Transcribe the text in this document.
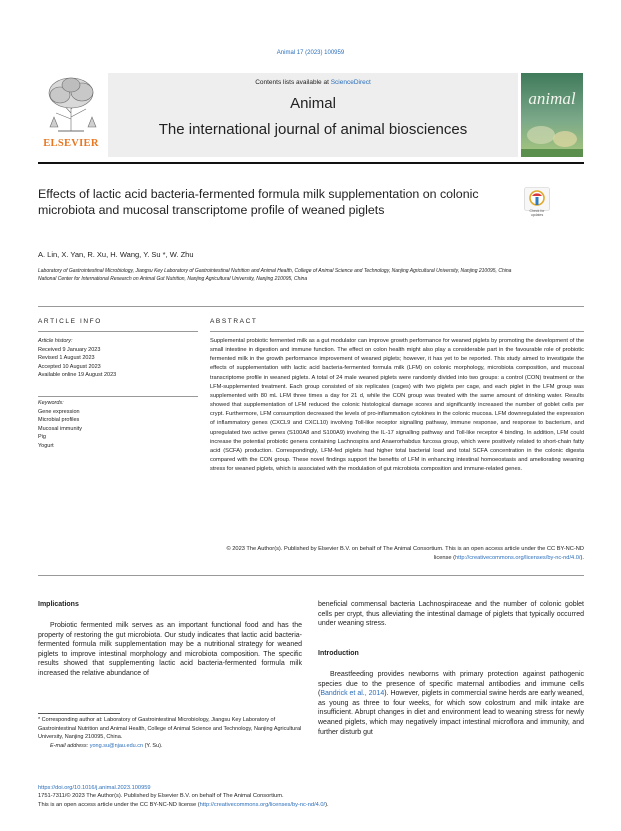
Animal 17 (2023) 100959
ELSEVIER
Contents lists available at ScienceDirect
Animal
The international journal of animal biosciences
animal
Effects of lactic acid bacteria-fermented formula milk supplementation on colonic microbiota and mucosal transcriptome profile of weaned piglets	Check for updates
A. Lin, X. Yan, R. Xu, H. Wang, Y. Su *, W. Zhu
Laboratory of Gastrointestinal Microbiology, Jiangsu Key Laboratory of Gastrointestinal Nutrition and Animal Health, College of Animal Science and Technology, Nanjing Agricultural University, Nanjing 210095, China
National Center for International Research on Animal Gut Nutrition, Nanjing Agricultural University, Nanjing 210095, China
ARTICLE INFO
Article history:
Received 9 January 2023
Revised 1 August 2023
Accepted 10 August 2023
Available online 19 August 2023
Keywords:
Gene expression
Microbial profiles
Mucosal immunity
Pig
Yogurt
ABSTRACT
Supplemental probiotic fermented milk as a gut modulator can improve growth performance for weaned piglets by promoting the development of the small intestine in digestion and immune function. The effect on colon health might also play a considerable part in the favourable role of probiotic fermented milk in the growth performance improvement of weaned piglets; however, it has yet to be reported. This study aimed to investigate the effects of supplementation with lactic acid bacteria-fermented formula milk (LFM) on colonic morphology, microbiota composition, and mucosal transcriptome profile in weaned piglets. A total of 24 male weaned piglets were randomly divided into two groups: a control (CON) treatment or the LFM-supplemented treatment. Each group consisted of six replicates (cages) with two piglets per cage, and each piglet in the LFM group was supplemented with 80 mL LFM three times a day for 21 d, while the CON group was treated with the same amount of drinking water. Results showed that supplementation of LFM reduced the colonic histological damage scores and significantly increased the number of goblet cells per crypt. Furthermore, LFM consumption decreased the levels of pro-inflammation cytokines in the colonic mucosa. LFM downregulated the expression of inflammatory genes (CXCL9 and CXCL10) involving Toll-like receptor signalling pathway, immune response, and response to bacterium, and upregulated two active genes (S100A8 and S100A9) involving the IL-17 signalling pathway and Toll-like receptor 4 binding. In addition, LFM could increase the potential probiotic genera containing Lachnospira and Anaerorhabdus furcosa group, which were positively related to short-chain fatty acid (SCFA) production. Correspondingly, LFM-fed piglets had higher total bacterial load and total SCFA concentration in the colonic digesta compared with the CON group. These novel findings support the benefits of LFM in enhancing intestinal homoeostasis and ameliorating weaning stress for weaned piglets, which is associated with the modulation of gut microbiota composition and immune-related genes.
© 2023 The Author(s). Published by Elsevier B.V. on behalf of The Animal Consortium. This is an open access article under the CC BY-NC-ND license (http://creativecommons.org/licenses/by-nc-nd/4.0/).
Implications
Probiotic fermented milk serves as an important functional food and has the property of restoring the gut microbiota. Our study indicates that lactic acid bacteria-fermented formula milk supplementation may be a nutritional strategy for weaned piglets to improve intestinal morphology and microbiota composition. The specific results showed that supplementing lactic acid bacteria-fermented formula milk increased the relative abundance of
beneficial commensal bacteria Lachnospiraceae and the number of colonic goblet cells per crypt, thus alleviating the intestinal damage of piglets that typically occurred under weaning stress.
Introduction
Breastfeeding provides newborns with primary protection against pathogenic species due to the presence of specific maternal antibodies and immune cells (Bandrick et al., 2014). However, piglets in commercial swine herds are early weaned, as young as three to four weeks, for which sow colostrum and milk intake are insufficient. Abrupt changes in diet and environment lead to weaning stress for newly weaned piglets, which may negatively impact intestinal microflora and immunity, and further disturb gut
* Corresponding author at: Laboratory of Gastrointestinal Microbiology, Jiangsu Key Laboratory of Gastrointestinal Nutrition and Animal Health, College of Animal Science and Technology, Nanjing Agricultural University, Nanjing 210095, China.
E-mail address: yong.su@njau.edu.cn (Y. Su).
https://doi.org/10.1016/j.animal.2023.100959
1751-7311/© 2023 The Author(s). Published by Elsevier B.V. on behalf of The Animal Consortium.
This is an open access article under the CC BY-NC-ND license (http://creativecommons.org/licenses/by-nc-nd/4.0/).
